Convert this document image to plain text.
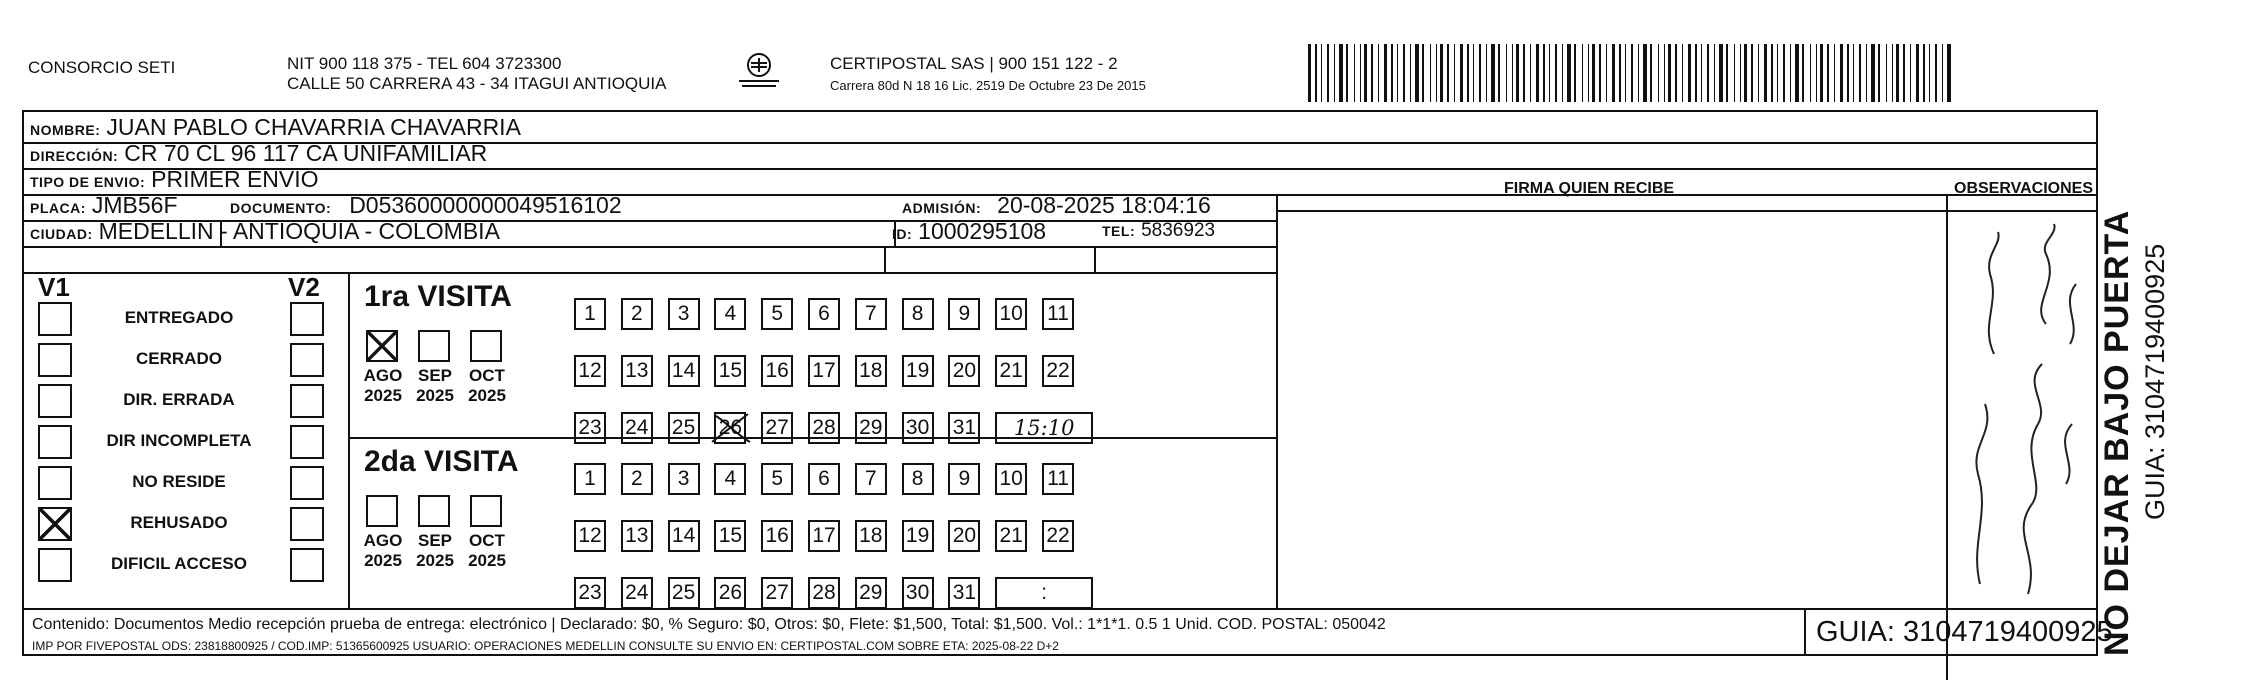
CONSORCIO SETI	NIT 900 118 375 - TEL 604 3723300
CALLE 50 CARRERA 43 - 34 ITAGUI ANTIOQUIA
CERTIPOSTAL SAS | 900 151 122 - 2
Carrera 80d N 18 16 Lic. 2519 De Octubre 23 De 2015
NOMBRE: JUAN PABLO CHAVARRIA CHAVARRIA
DIRECCIÓN: CR 70 CL 96 117 CA UNIFAMILIAR
TIPO DE ENVIO: PRIMER ENVIO
PLACA: JMB56F	DOCUMENTO: D05360000000049516102	ADMISIÓN: 20-08-2025 18:04:16
CIUDAD: MEDELLIN - ANTIOQUIA - COLOMBIA	ID: 1000295108	TEL: 5836923
FIRMA QUIEN RECIBE	OBSERVACIONES
V1	V2
ENTREGADO
CERRADO
DIR. ERRADA
DIR INCOMPLETA
NO RESIDE
REHUSADO
DIFICIL ACCESO
1ra VISITA
AGO
2025
SEP
2025
OCT
2025
1	2	3	4	5	6	7	8	9	10 11
12 13 14 15 16 17 18 19 20 21 22
23 24 25 26 27 28 29 30 31	15:10
2da VISITA
AGO
2025
SEP
2025
OCT
2025
1	2	3	4	5	6	7	8	9	10 11
12 13 14 15 16 17 18 19 20 21 22
23 24 25 26 27 28 29 30 31	:
Contenido: Documentos Medio recepción prueba de entrega: electrónico | Declarado: $0, % Seguro: $0, Otros: $0, Flete: $1,500, Total: $1,500. Vol.: 1*1*1. 0.5 1 Unid. COD. POSTAL: 050042
IMP POR FIVEPOSTAL ODS: 23818800925 / COD.IMP: 51365600925 USUARIO: OPERACIONES MEDELLIN CONSULTE SU ENVIO EN: CERTIPOSTAL.COM SOBRE ETA: 2025-08-22 D+2	GUIA: 3104719400925
NO DEJAR BAJO PUERTA GUIA: 3104719400925
